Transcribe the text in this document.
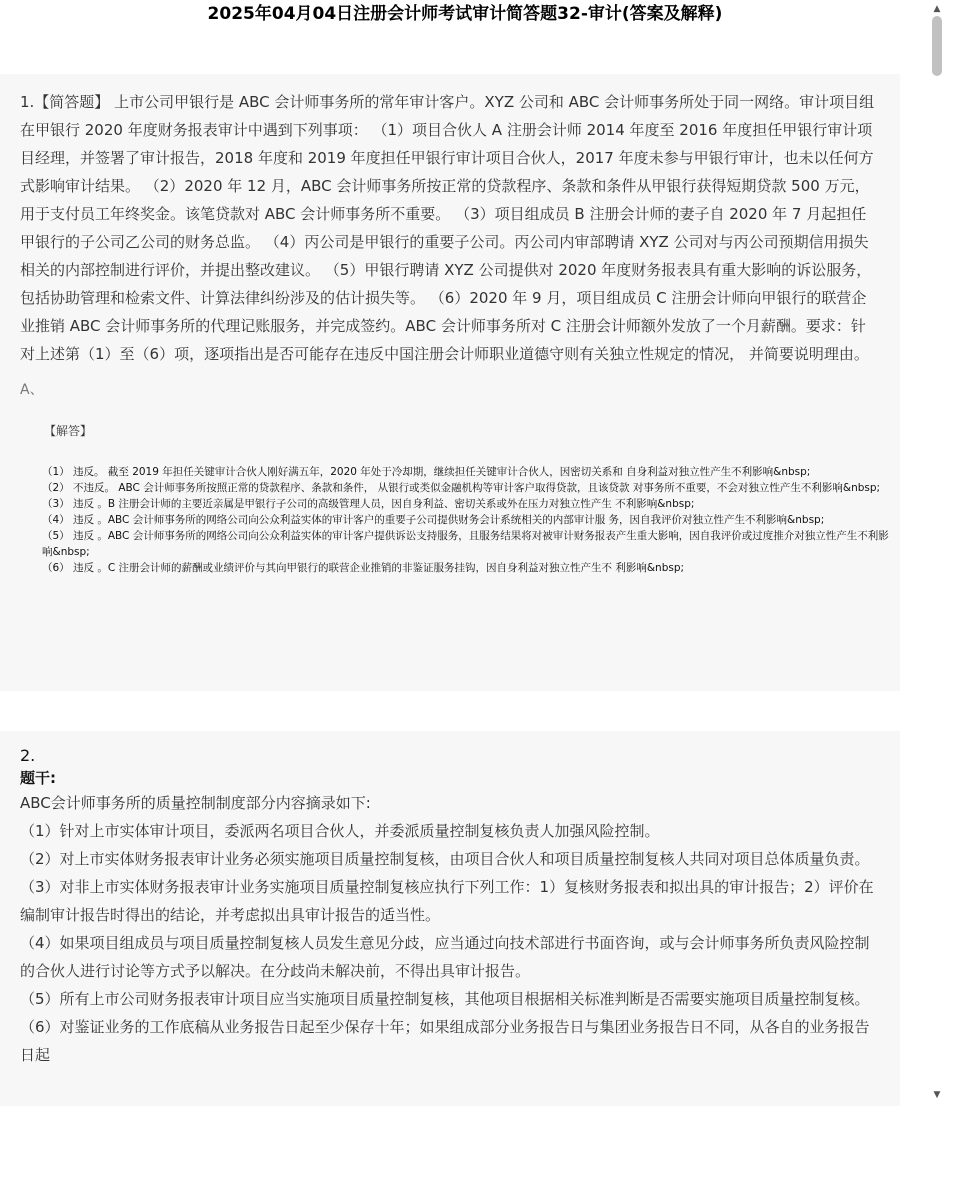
2025年04月04日注册会计师考试审计简答题32-审计(答案及解释)

1.【简答题】 上市公司甲银行是 ABC 会计师事务所的常年审计客户。XYZ 公司和 ABC 会计师事务所处于同一网络。审计项目组在甲银行 2020 年度财务报表审计中遇到下列事项： （1）项目合伙人 A 注册会计师 2014 年度至 2016 年度担任甲银行审计项目经理，并签署了审计报告，2018 年度和 2019 年度担任甲银行审计项目合伙人，2017 年度未参与甲银行审计，也未以任何方式影响审计结果。 （2）2020 年 12 月，ABC 会计师事务所按正常的贷款程序、条款和条件从甲银行获得短期贷款 500 万元，用于支付员工年终奖金。该笔贷款对 ABC 会计师事务所不重要。 （3）项目组成员 B 注册会计师的妻子自 2020 年 7 月起担任甲银行的子公司乙公司的财务总监。 （4）丙公司是甲银行的重要子公司。丙公司内审部聘请 XYZ 公司对与丙公司预期信用损失相关的内部控制进行评价，并提出整改建议。 （5）甲银行聘请 XYZ 公司提供对 2020 年度财务报表具有重大影响的诉讼服务，包括协助管理和检索文件、计算法律纠纷涉及的估计损失等。 （6）2020 年 9 月，项目组成员 C 注册会计师向甲银行的联营企业推销 ABC 会计师事务所的代理记账服务，并完成签约。ABC 会计师事务所对 C 注册会计师额外发放了一个月薪酬。要求：针对上述第（1）至（6）项，逐项指出是否可能存在违反中国注册会计师职业道德守则有关独立性规定的情况， 并简要说明理由。

A、
【解答】
（1） 违反。 截至 2019 年担任关键审计合伙人刚好满五年，2020 年处于冷却期，继续担任关键审计合伙人，因密切关系和 自身利益对独立性产生不利影响&nbsp;
（2） 不违反。 ABC 会计师事务所按照正常的贷款程序、条款和条件， 从银行或类似金融机构等审计客户取得贷款，且该贷款 对事务所不重要，不会对独立性产生不利影响&nbsp;
（3） 违反 。B 注册会计师的主要近亲属是甲银行子公司的高级管理人员，因自身利益、密切关系或外在压力对独立性产生 不利影响&nbsp;
（4） 违反 。ABC 会计师事务所的网络公司向公众利益实体的审计客户的重要子公司提供财务会计系统相关的内部审计服 务，因自我评价对独立性产生不利影响&nbsp;
（5） 违反 。ABC 会计师事务所的网络公司向公众利益实体的审计客户提供诉讼支持服务，且服务结果将对被审计财务报表产生重大影响，因自我评价或过度推介对独立性产生不利影响&nbsp;
（6） 违反 。C 注册会计师的薪酬或业绩评价与其向甲银行的联营企业推销的非鉴证服务挂钩，因自身利益对独立性产生不 利影响&nbsp;
2.
题干:
ABC会计师事务所的质量控制制度部分内容摘录如下:
（1）针对上市实体审计项目，委派两名项目合伙人，并委派质量控制复核负责人加强风险控制。
（2）对上市实体财务报表审计业务必须实施项目质量控制复核，由项目合伙人和项目质量控制复核人共同对项目总体质量负责。
（3）对非上市实体财务报表审计业务实施项目质量控制复核应执行下列工作：1）复核财务报表和拟出具的审计报告；2）评价在编制审计报告时得出的结论，并考虑拟出具审计报告的适当性。
（4）如果项目组成员与项目质量控制复核人员发生意见分歧，应当通过向技术部进行书面咨询，或与会计师事务所负责风险控制的合伙人进行讨论等方式予以解决。在分歧尚未解决前，不得出具审计报告。
（5）所有上市公司财务报表审计项目应当实施项目质量控制复核，其他项目根据相关标准判断是否需要实施项目质量控制复核。
（6）对鉴证业务的工作底稿从业务报告日起至少保存十年；如果组成部分业务报告日与集团业务报告日不同，从各自的业务报告日起
▲
▼
